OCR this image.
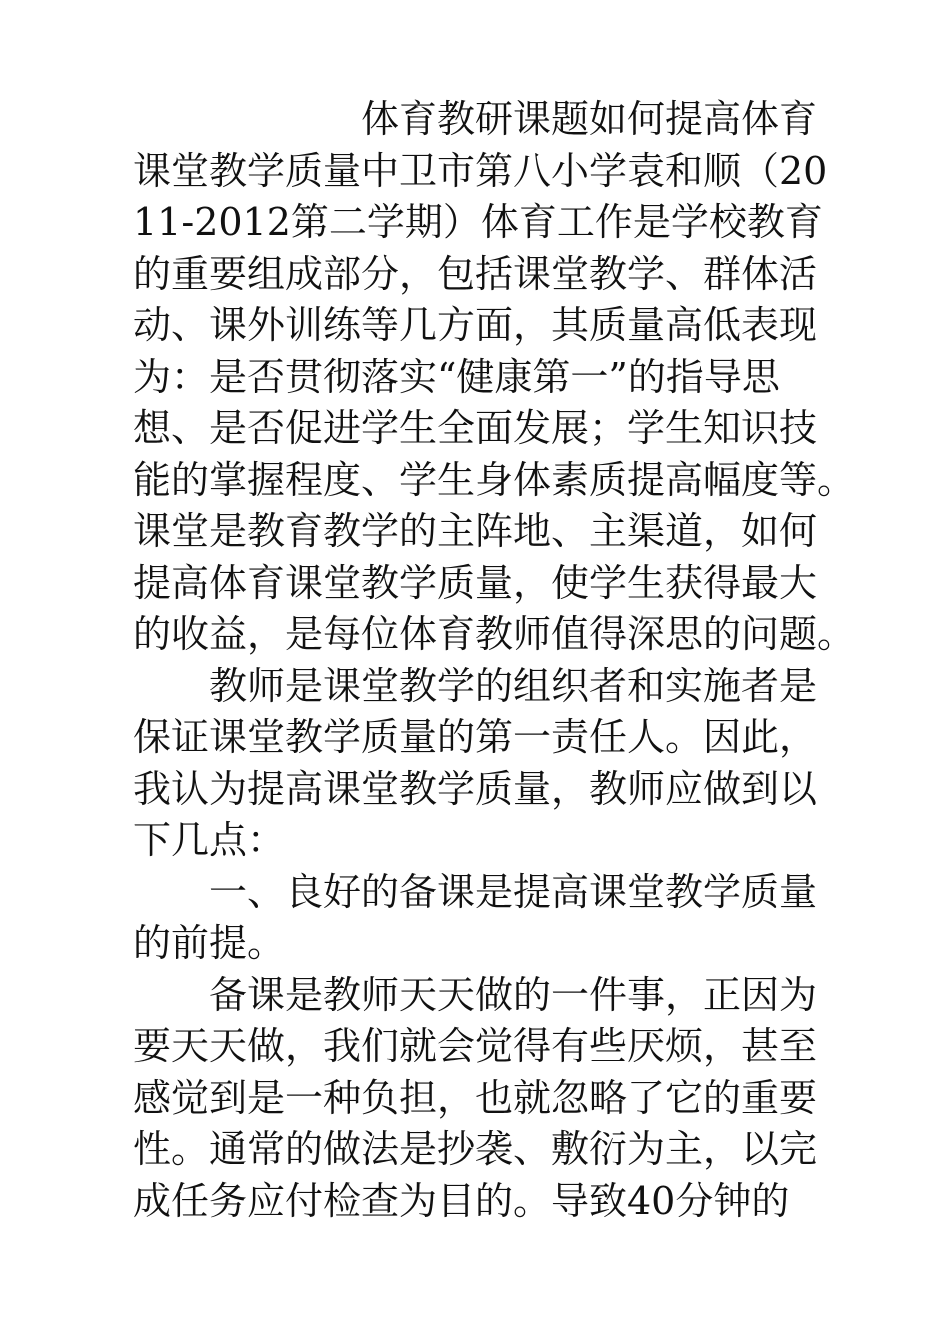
　　　　　　体育教研课题如何提高体育
课堂教学质量中卫市第八小学袁和顺（20
11-2012第二学期）体育工作是学校教育
的重要组成部分，包括课堂教学、群体活
动、课外训练等几方面，其质量高低表现
为：是否贯彻落实“健康第一”的指导思
想、是否促进学生全面发展；学生知识技
能的掌握程度、学生身体素质提高幅度等。
课堂是教育教学的主阵地、主渠道，如何
提高体育课堂教学质量，使学生获得最大
的收益，是每位体育教师值得深思的问题。
　　教师是课堂教学的组织者和实施者是
保证课堂教学质量的第一责任人。因此，
我认为提高课堂教学质量，教师应做到以
下几点：
　　一、良好的备课是提高课堂教学质量
的前提。
　　备课是教师天天做的一件事，正因为
要天天做，我们就会觉得有些厌烦，甚至
感觉到是一种负担，也就忽略了它的重要
性。通常的做法是抄袭、敷衍为主，以完
成任务应付检查为目的。导致40分钟的
